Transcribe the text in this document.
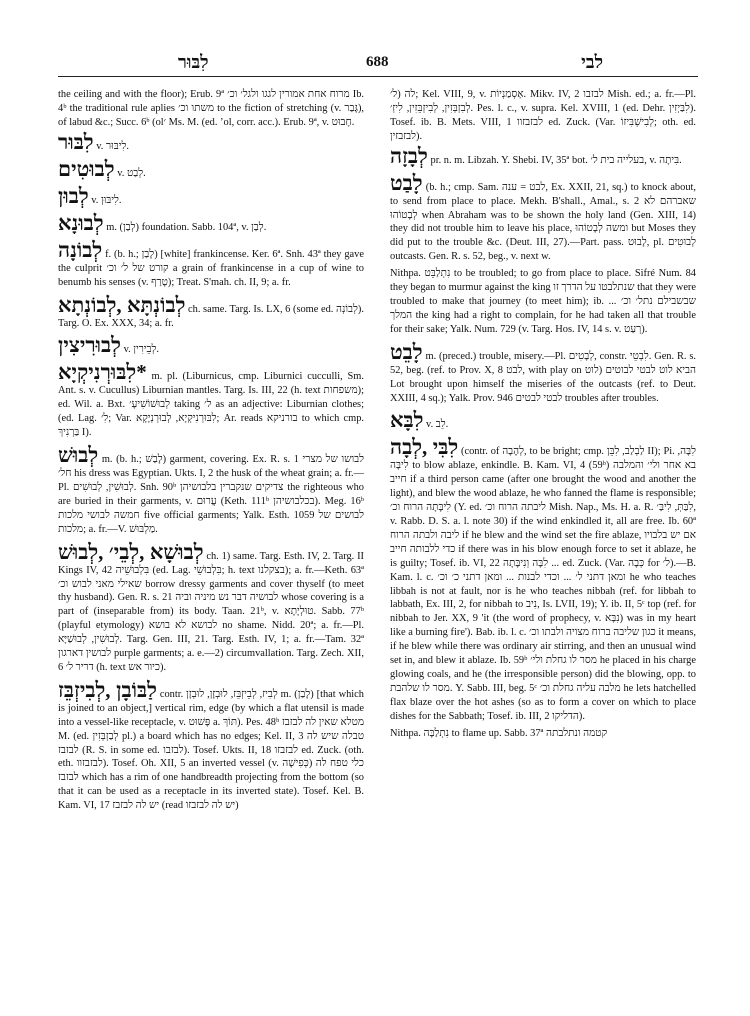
לִבּוּר	688	לבי

the ceiling and with the floor); Erub. 9ª מרוח אחת אמורין לגגו ולגל׳ וכ׳ Ib. 4ᵇ the traditional rule aplies משתו וכ׳ to the fiction of stretching (v. גָּבַר), of labud &c.; Succ. 6ᵇ (ol׳ Ms. M. (ed. ‎ʼol, corr. acc.). Erub. 9ª, v. חָבוּט.

לִבּוּר v. לִיבּוּר.
לְבוּטִים v. לְבַט.
לְבוּן v. לִיבּוּן.
לְבוּנָא m. (לְבַן) foundation. Sabb. 104ª, v. לְבַן.
לְבוֹנָה f. (b. h.; לָבַן) [white] frankincense. Ker. 6ª. Snh. 43ª they gave the culprit קורט של ל׳ וכ׳ a grain of frankincense in a cup of wine to benumb his senses (v. טָרַף); Treat. S'mah. ch. II, 9; a. fr.
לְבוֹנְתָּא ,לְבוֹנְתָא ch. same. Targ. Is. LX, 6 (some ed. לְבוֹנְה). Targ. O. Ex. XXX, 34; a. fr.
לְבוּרִיצִין v. לְבֵירִין.
*לִבּוּרְנִיקְיָא m. pl. (Liburnicus, cmp. Liburnici cucculli, Sm. Ant. s. v. Cucullus) Liburnian mantles. Targ. Is. III, 22 (h. text משפחות); ed. Wil. a. Bxt. לְבוּשׁוֹשִׁיעָ׳ taking ל׳ as an adjective: Liburnian clothes; (ed. Lag. לִ׳; Var. לִבּוּרְנִיקְיָא, לְבוּרְנְיָקָא; Ar. reads בורניקא to which cmp. בַּרְנִיךְ I).
לְבוּשׁ m. (b. h.; לָבַשׁ) garment, covering. Ex. R. s. 1 לבושו של מצרי חל׳ his dress was Egyptian. Ukts. I, 2 the husk of the wheat grain; a. fr.—Pl. לְבוּשִׁין, לְבוּשִׁים. Snh. 90ᵇ צדיקים שנקברין בלבושיהן the righteous who are buried in their garments, v. עֲרוּם (Keth. 111ᵇ בכלבושיהן). Meg. 16ᵇ חמשה לבושי מלכות five official garments; Yalk. Esth. 1059 לבושים של מלכות; a. fr.—V. מַלְבּוּשׁ.
לְבוּשָׁא ,לְבֵי׳ ,לְבוּשׁ ch. 1) same. Targ. Esth. IV, 2. Targ. II Kings IV, 42 בִּלְבוּשֵׁיה (ed. Lag. בִּלְבוּשֵׁי; h. text בצקלנו); a. fr.—Keth. 63ª שאילי מאני לבוש וכ׳ borrow dressy garments and cover thyself (to meet thy husband). Gen. R. s. 21 לבושיה דבר נש מיניה וביה whose covering is a part of (inseparable from) its body. Taan. 21ᵇ, v. טוּלְיָתָא. Sabb. 77ᵇ (playful etymology) לבושא לא בושא no shame. Nidd. 20ª; a. fr.—Pl. לְבוּשִׁין, לְבוּשַׁיָּא. Targ. Gen. III, 21. Targ. Esth. IV, 1; a. fr.—Tam. 32ª לבושין דארגון purple garments; a. e.—2) circumvallation. Targ. Zech. XII, 6 דריר ל׳ (h. text כיור אש).
לַבּוֹבָן ,לְבִיזְבֵּז contr. לְבִיז, לְבֵיזְבֵּז, לוּבְזָן, לוּבְזָן m. (לָבַן) [that which is joined to an object,] vertical rim, edge (by which a flat utensil is made into a vessel-like receptacle, v. פָּשׁוּט a. תּוֹךְ). Pes. 48ᵇ מטלא שאין לה לבזבז M. (ed. לְבַזְבְּזִין pl.) a board which has no edges; Kel. II, 3 טבלה שיש לה לבזבז (R. S. in some ed. לבזבו). Tosef. Ukts. II, 18 לבזבזו ed. Zuck. (oth. eth. לבזבזוו). Tosef. Oh. XII, 5 an inverted vessel (v. כְּפִישָׁה) כלי טפח לה לבזבז which has a rim of one handbreadth projecting from the bottom (so that it can be used as a receptacle in its inverted state). Tosef. Kel. B. Kam. VI, 17 יש לה לבזבז (read יש לה לבזבזו)

לה (ל׳; Kel. VIII, 9, v. אַסְמַנְיוֹת. Mikv. IV, 2 לבזבו Mish. ed.; a. fr.—Pl. לְבִזְבְּזִין, לְבִיזְבֵּזִין, לִיזְ׳. Pes. l. c., v. supra. Kel. XVIII, 1 (ed. Dehr. לִבַּיְזִין). Tosef. ib. B. Mets. VIII, 1 לבזבזוו ed. Zuck. (Var. לְבִישְׁבִּיזוֹ; oth. ed. לבזבזין).

לְבָזָה pr. n. m. Libzah. Y. Shebi. IV, 35ª bot. בעלייה בית ל׳, v. בִּיתָה.
לָבַט (b. h.; cmp. Sam. לבט = ענה, Ex. XXII, 21, sq.) to knock about, to send from place to place. Mekh. B'shall., Amal., s. 2 שאברהם לא לְבָטוֹהוּ when Abraham was to be shown the holy land (Gen. XIII, 14) they did not trouble him to leave his place, ומשה לְבָטוֹהוּ but Moses they did put to the trouble &c. (Deut. III, 27).—Part. pass. לָבוּט, pl. לְבוּטִים outcasts. Gen. R. s. 52, beg., v. next w.
Nithpa. נִתְלַבֵּט to be troubled; to go from place to place. Sifré Num. 84 they began to murmur against the king שנתלבטו על הדרך זו that they were troubled to make that journey (to meet him); ib. שבשבילם נתל׳ וכ׳ ... המלך the king had a right to complain, for he had taken all that trouble for their sake; Yalk. Num. 729 (v. Targ. Hos. IV, 14 s. v. רְעַט).
לָבֵט m. (preced.) trouble, misery.—Pl. לְבָטִים, constr. לִבְטֵי. Gen. R. s. 52, beg. (ref. to Prov. X, 8 לבט, with play on לוט) הביא לוט לבטי לבוטים Lot brought upon himself the miseries of the outcasts (ref. to Deut. XXIII, 4 sq.); Yalk. Prov. 946 לבטי לבטים troubles after troubles.
לִבָּא v. לֵב.
לִבִּי ,לְבָה (contr. of לְהֶבָה, to be bright; cmp. לַבְלַב, לִבֵּן II); Pi. לִבָּה, לִיבָּה to blow ablaze, enkindle. B. Kam. VI, 4 (59ᵇ) בא אחר ולי׳ והמלבה חייב if a third person came (after one brought the wood and another the light), and blew the wood ablaze, he who fanned the flame is responsible; לִיבָּתָה הרוח וכ׳ (Y. ed. ליבתה הרוח וכ׳ Mish. Nap., Ms. H. a. R. לִבַּתְּ, לִיבַּ׳, v. Rabb. D. S. a. l. note 30) if the wind enkindled it, all are free. Ib. 60ª ליבה ולבתה הרוח if he blew and the wind set the fire ablaze, אם יש בלבויו כדי ללבותה חייב if there was in his blow enough force to set it ablaze, he is guilty; Tosef. ib. VI, 22 לִבָּה וְנִיבָּתָה ... ed. Zuck. (Var. כְּבָה for ל׳).—B. Kam. l. c. ומאן דתני ל׳ ... וכדי לבנות ... ומאן דתני כ׳ וכ׳ he who teaches libbah is not at fault, nor is he who teaches nibbah (ref. for libbah to labbath, Ex. III, 2, for nibbah to נִיב, Is. LVII, 19); Y. ib. II, 5ᶜ top (ref. for nibbah to Jer. XX, 9 'it (the word of prophecy, v. נִבָּא) was in my heart like a burning fire'). Bab. ib. l. c. כגון שליבה ברוח מצויה ולבתו וכ׳ it means, if he blew while there was ordinary air stirring, and then an unusual wind set in, and blew it ablaze. Ib. 59ᵇ מסר לו גחלת ולי׳ he placed in his charge glowing coals, and he (the irresponsible person) did the blowing, opp. to מסר לו שלהבת. Y. Sabb. III, beg. 5ᶜ מלבה עליה גחלת וכ׳ he lets hatchelled flax blaze over the hot ashes (so as to form a cover on which to place dishes for the Sabbath; Tosef. ib. III, 2 הדליקו).
Nithpa. נִתְלַבָּה to flame up. Sabb. 37ª קטמה ונתלבתה
